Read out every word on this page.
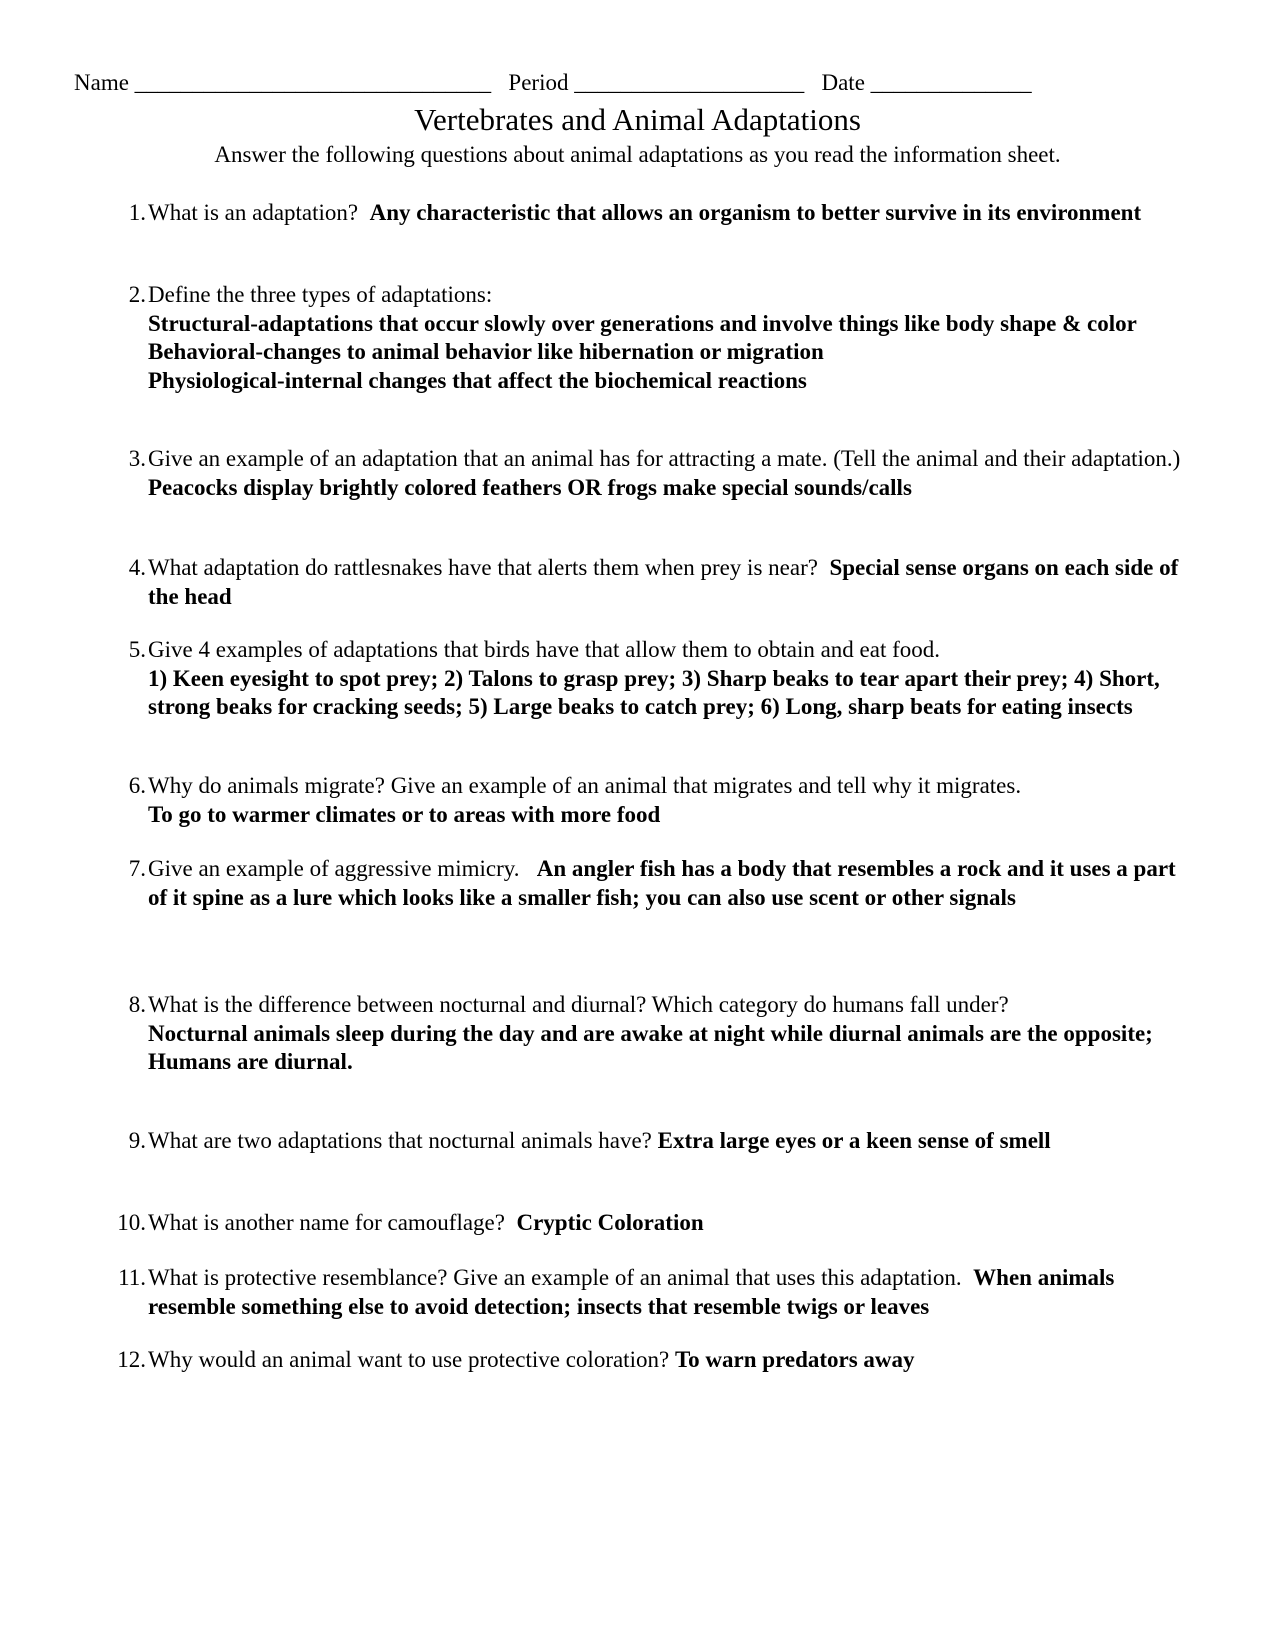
Name _______________________________ Period ____________________ Date ______________
Vertebrates and Animal Adaptations
Answer the following questions about animal adaptations as you read the information sheet.
1. What is an adaptation? Any characteristic that allows an organism to better survive in its environment
2. Define the three types of adaptations:
Structural-adaptations that occur slowly over generations and involve things like body shape & color
Behavioral-changes to animal behavior like hibernation or migration
Physiological-internal changes that affect the biochemical reactions
3. Give an example of an adaptation that an animal has for attracting a mate. (Tell the animal and their adaptation.)
Peacocks display brightly colored feathers OR frogs make special sounds/calls
4. What adaptation do rattlesnakes have that alerts them when prey is near? Special sense organs on each side of the head
5. Give 4 examples of adaptations that birds have that allow them to obtain and eat food.
1) Keen eyesight to spot prey; 2) Talons to grasp prey; 3) Sharp beaks to tear apart their prey; 4) Short, strong beaks for cracking seeds; 5) Large beaks to catch prey; 6) Long, sharp beats for eating insects
6. Why do animals migrate? Give an example of an animal that migrates and tell why it migrates.
To go to warmer climates or to areas with more food
7. Give an example of aggressive mimicry. An angler fish has a body that resembles a rock and it uses a part of it spine as a lure which looks like a smaller fish; you can also use scent or other signals
8. What is the difference between nocturnal and diurnal? Which category do humans fall under?
Nocturnal animals sleep during the day and are awake at night while diurnal animals are the opposite; Humans are diurnal.
9. What are two adaptations that nocturnal animals have? Extra large eyes or a keen sense of smell
10. What is another name for camouflage? Cryptic Coloration
11. What is protective resemblance? Give an example of an animal that uses this adaptation. When animals resemble something else to avoid detection; insects that resemble twigs or leaves
12. Why would an animal want to use protective coloration? To warn predators away
